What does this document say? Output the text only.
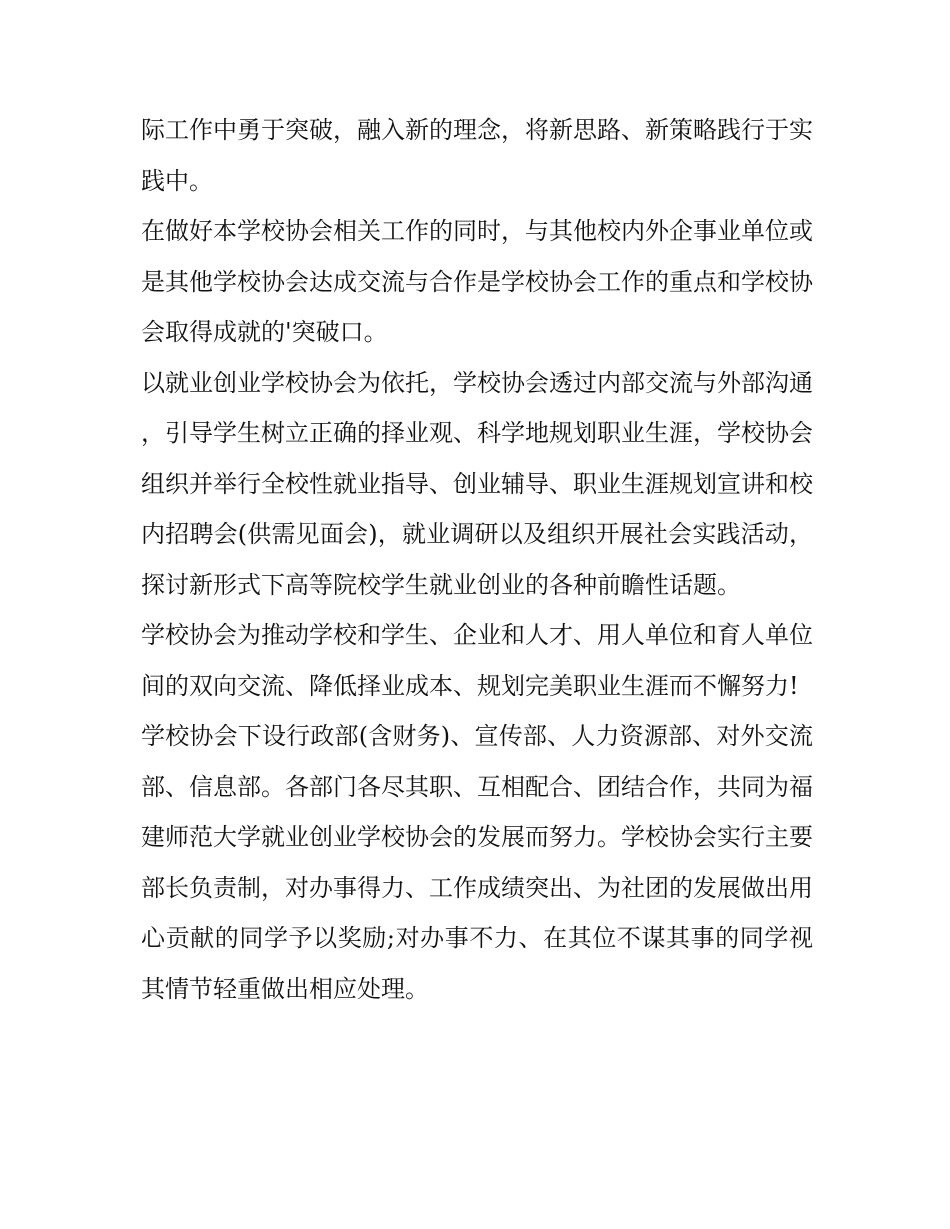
际工作中勇于突破，融入新的理念，将新思路、新策略践行于实践中。

在做好本学校协会相关工作的同时，与其他校内外企事业单位或是其他学校协会达成交流与合作是学校协会工作的重点和学校协会取得成就的'突破口。

以就业创业学校协会为依托，学校协会透过内部交流与外部沟通，引导学生树立正确的择业观、科学地规划职业生涯，学校协会组织并举行全校性就业指导、创业辅导、职业生涯规划宣讲和校内招聘会(供需见面会)，就业调研以及组织开展社会实践活动，探讨新形式下高等院校学生就业创业的各种前瞻性话题。

学校协会为推动学校和学生、企业和人才、用人单位和育人单位间的双向交流、降低择业成本、规划完美职业生涯而不懈努力!

学校协会下设行政部(含财务)、宣传部、人力资源部、对外交流部、信息部。各部门各尽其职、互相配合、团结合作，共同为福建师范大学就业创业学校协会的发展而努力。学校协会实行主要部长负责制，对办事得力、工作成绩突出、为社团的发展做出用心贡献的同学予以奖励;对办事不力、在其位不谋其事的同学视其情节轻重做出相应处理。
